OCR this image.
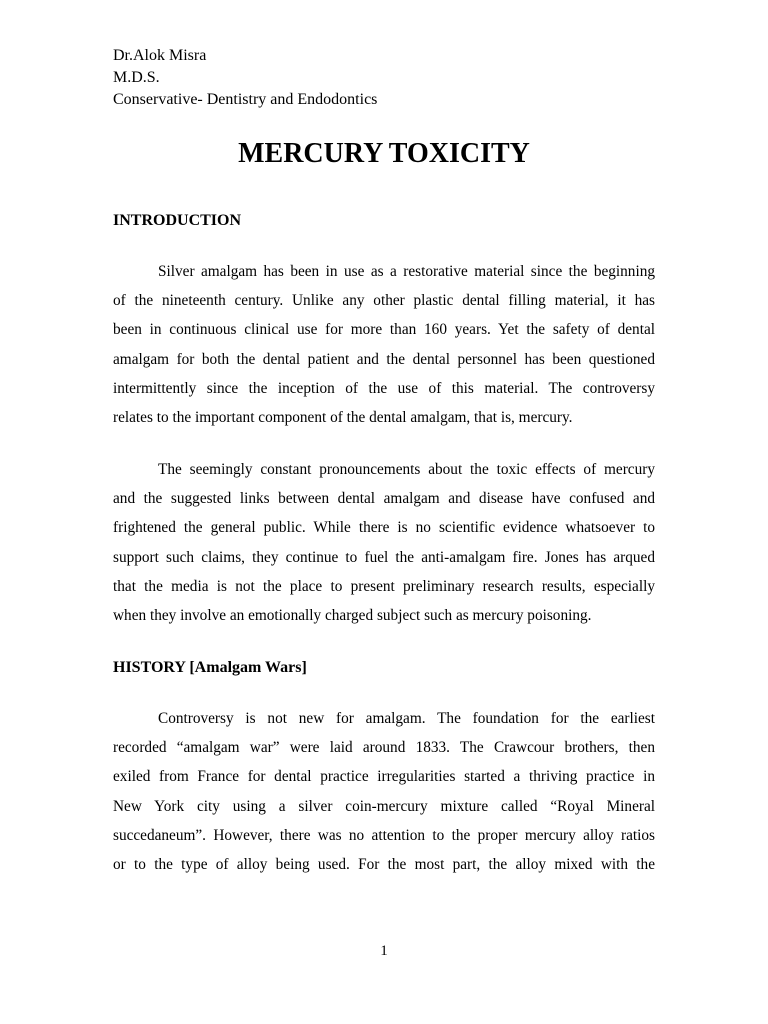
Dr.Alok Misra
M.D.S.
Conservative- Dentistry and Endodontics
MERCURY TOXICITY
INTRODUCTION
Silver amalgam has been in use as a restorative material since the beginning
of the nineteenth century. Unlike any other plastic dental filling material, it has
been in continuous clinical use for more than 160 years. Yet the safety of dental
amalgam for both the dental patient and the dental personnel has been questioned
intermittently since the inception of the use of this material. The controversy
relates to the important component of the dental amalgam, that is, mercury.
The seemingly constant pronouncements about the toxic effects of mercury
and the suggested links between dental amalgam and disease have confused and
frightened the general public. While there is no scientific evidence whatsoever to
support such claims, they continue to fuel the anti-amalgam fire. Jones has arqued
that the media is not the place to present preliminary research results, especially
when they involve an emotionally charged subject such as mercury poisoning.
HISTORY [Amalgam Wars]
Controversy is not new for amalgam. The foundation for the earliest
recorded “amalgam war” were laid around 1833. The Crawcour brothers, then
exiled from France for dental practice irregularities started a thriving practice in
New York city using a silver coin-mercury mixture called “Royal Mineral
succedaneum”. However, there was no attention to the proper mercury alloy ratios
or to the type of alloy being used. For the most part, the alloy mixed with the
1
